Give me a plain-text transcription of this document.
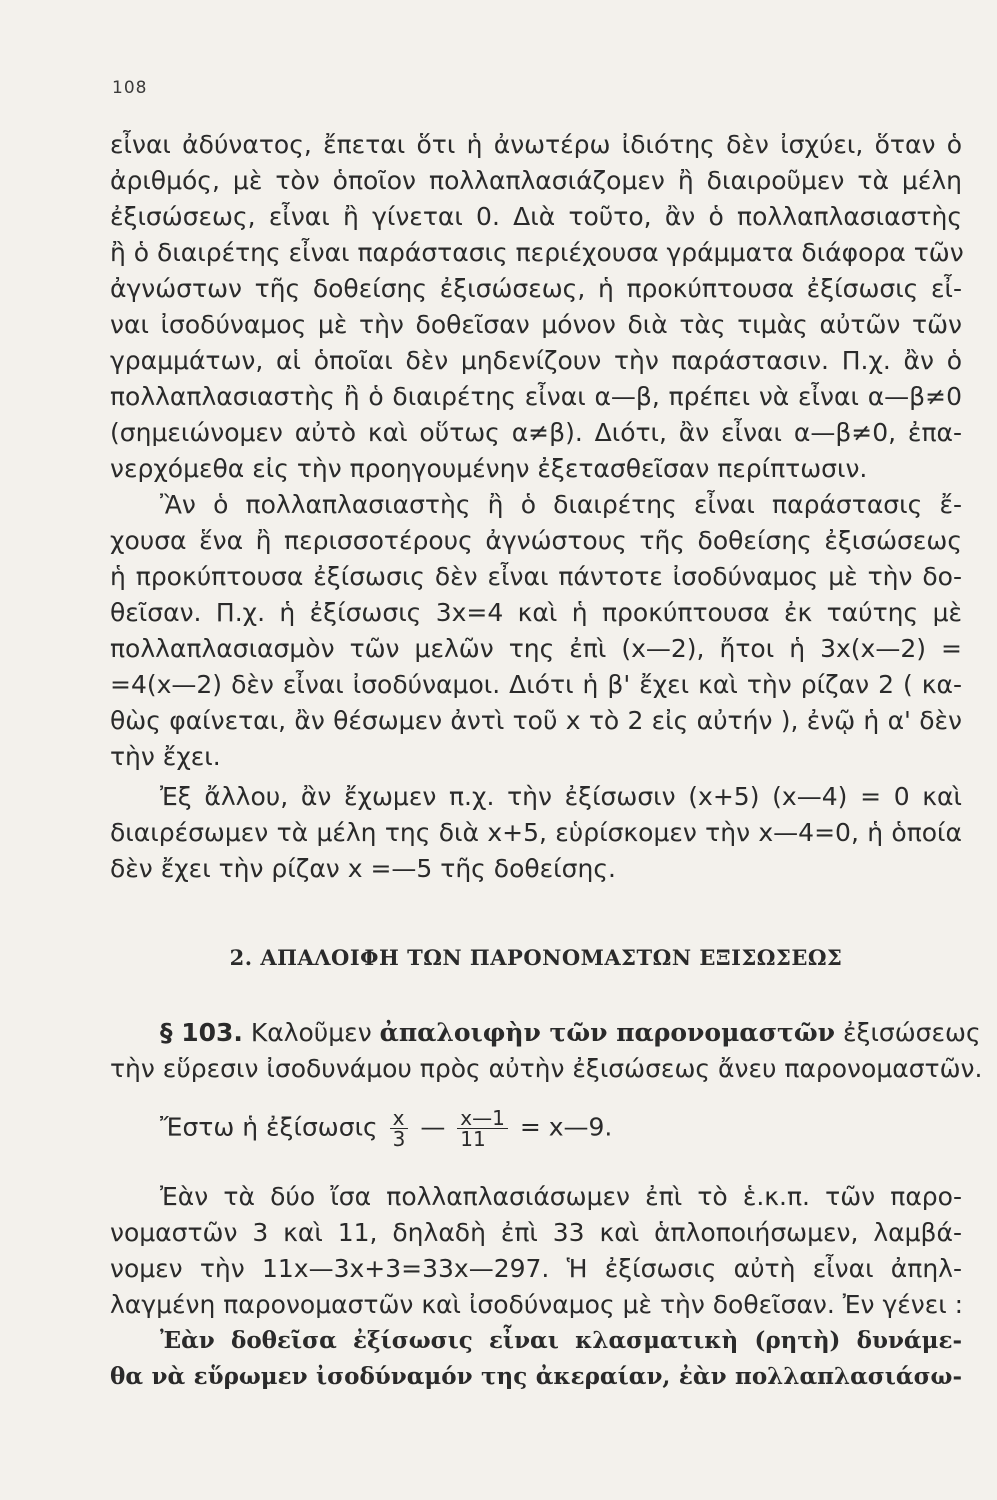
108
εἶναι ἀδύνατος, ἔπεται ὅτι ἡ ἀνωτέρω ἰδιότης δὲν ἰσχύει, ὅταν ὁ
ἀριθμός, μὲ τὸν ὁποῖον πολλαπλασιάζομεν ἢ διαιροῦμεν τὰ μέλη
ἐξισώσεως, εἶναι ἢ γίνεται 0. Διὰ τοῦτο, ἂν ὁ πολλαπλασιαστὴς
ἢ ὁ διαιρέτης εἶναι παράστασις περιέχουσα γράμματα διάφορα τῶν
ἀγνώστων τῆς δοθείσης ἐξισώσεως, ἡ προκύπτουσα ἐξίσωσις εἶ-
ναι ἰσοδύναμος μὲ τὴν δοθεῖσαν μόνον διὰ τὰς τιμὰς αὐτῶν τῶν
γραμμάτων, αἱ ὁποῖαι δὲν μηδενίζουν τὴν παράστασιν. Π.χ. ἂν ὁ
πολλαπλασιαστὴς ἢ ὁ διαιρέτης εἶναι α—β, πρέπει νὰ εἶναι α—β≠0
(σημειώνομεν αὐτὸ καὶ οὕτως α≠β). Διότι, ἂν εἶναι α—β≠0, ἐπα-
νερχόμεθα εἰς τὴν προηγουμένην ἐξετασθεῖσαν περίπτωσιν.
Ἂν ὁ πολλαπλασιαστὴς ἢ ὁ διαιρέτης εἶναι παράστασις ἔ-
χουσα ἕνα ἢ περισσοτέρους ἀγνώστους τῆς δοθείσης ἐξισώσεως
ἡ προκύπτουσα ἐξίσωσις δὲν εἶναι πάντοτε ἰσοδύναμος μὲ τὴν δο-
θεῖσαν. Π.χ. ἡ ἐξίσωσις 3x=4 καὶ ἡ προκύπτουσα ἐκ ταύτης μὲ
πολλαπλασιασμὸν τῶν μελῶν της ἐπὶ (x—2), ἤτοι ἡ 3x(x—2) =
=4(x—2) δὲν εἶναι ἰσοδύναμοι. Διότι ἡ β' ἔχει καὶ τὴν ρίζαν 2 ( κα-
θὼς φαίνεται, ἂν θέσωμεν ἀντὶ τοῦ x τὸ 2 εἰς αὐτήν ), ἐνῷ ἡ α' δὲν
τὴν ἔχει.
Ἐξ ἄλλου, ἂν ἔχωμεν π.χ. τὴν ἐξίσωσιν (x+5) (x—4) = 0 καὶ
διαιρέσωμεν τὰ μέλη της διὰ x+5, εὑρίσκομεν τὴν x—4=0, ἡ ὁποία
δὲν ἔχει τὴν ρίζαν x =—5 τῆς δοθείσης.
2. ΑΠΑΛΟΙΦΗ ΤΩΝ ΠΑΡΟΝΟΜΑΣΤΩΝ ΕΞΙΣΩΣΕΩΣ
§ 103. Καλοῦμεν ἀπαλοιφὴν τῶν παρονομαστῶν ἐξισώσεως
τὴν εὕρεσιν ἰσοδυνάμου πρὸς αὐτὴν ἐξισώσεως ἄνευ παρονομαστῶν.
Ἔστω ἡ ἐξίσωσις $\frac{x}{3}$ — $\frac{x—1}{11}$ = x—9.
Ἐὰν τὰ δύο ἴσα πολλαπλασιάσωμεν ἐπὶ τὸ ἑ.κ.π. τῶν παρο-
νομαστῶν 3 καὶ 11, δηλαδὴ ἐπὶ 33 καὶ ἁπλοποιήσωμεν, λαμβά-
νομεν τὴν 11x—3x+3=33x—297. Ἡ ἐξίσωσις αὐτὴ εἶναι ἀπηλ-
λαγμένη παρονομαστῶν καὶ ἰσοδύναμος μὲ τὴν δοθεῖσαν. Ἐν γένει :
Ἐὰν δοθεῖσα ἐξίσωσις εἶναι κλασματικὴ (ρητὴ) δυνάμε-
θα νὰ εὕρωμεν ἰσοδύναμόν της ἀκεραίαν, ἐὰν πολλαπλασιάσω-
